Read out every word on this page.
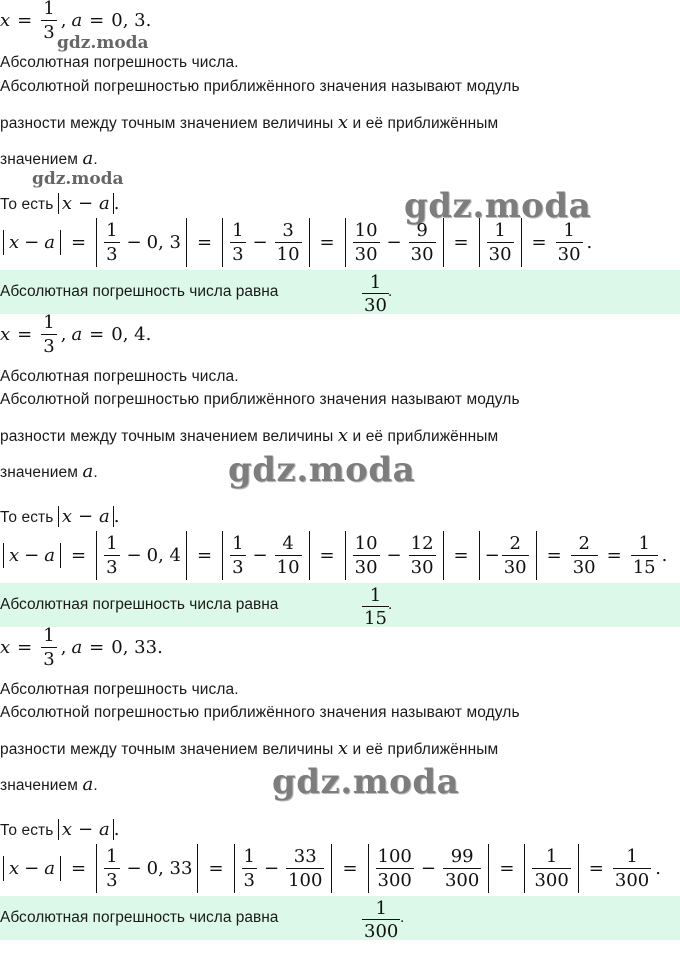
$x = \frac{1}{3}$ , a = 0, 3.
gdz.moda
Абсолютная погрешность числа.
Абсолютной погрешностью приближённого значения называют модуль
разности между точным значением величины x и её приближённым
значением a.
gdz.moda
То есть x − a .	gdz.moda
$x - a = \frac{1}{3} - 0$, $3 = \frac{1}{3} - \frac{3}{10} = \frac{10}{30} - \frac{9}{30} = \frac{1}{30} = \frac{1}{30}$ .
Абсолютная погрешность числа равна	1
30
.
$x = \frac{1}{3}$ , a = 0, 4.
Абсолютная погрешность числа.
Абсолютной погрешностью приближённого значения называют модуль
разности между точным значением величины x и её приближённым
значением a.	gdz.moda
То есть x − a .
$x - a = \frac{1}{3} - 0$, $4 = \frac{1}{3} - \frac{4}{10} = \frac{10}{30} - \frac{12}{30}$ = − $\frac{2}{30} = \frac{2}{30} = \frac{1}{15}$ .
Абсолютная погрешность числа равна	1
15
.
$x = \frac{1}{3}$ , a = 0, 33.
Абсолютная погрешность числа.
Абсолютной погрешностью приближённого значения называют модуль
разности между точным значением величины x и её приближённым
значением a.	gdz.moda
То есть x − a .
$x - a = \frac{1}{3} - 0$, $33 = \frac{1}{3} - \frac{33}{100} = \frac{100}{300} - \frac{99}{300} = \frac{1}{300} = \frac{1}{300}$ .
Абсолютная погрешность числа равна	1
300
.
